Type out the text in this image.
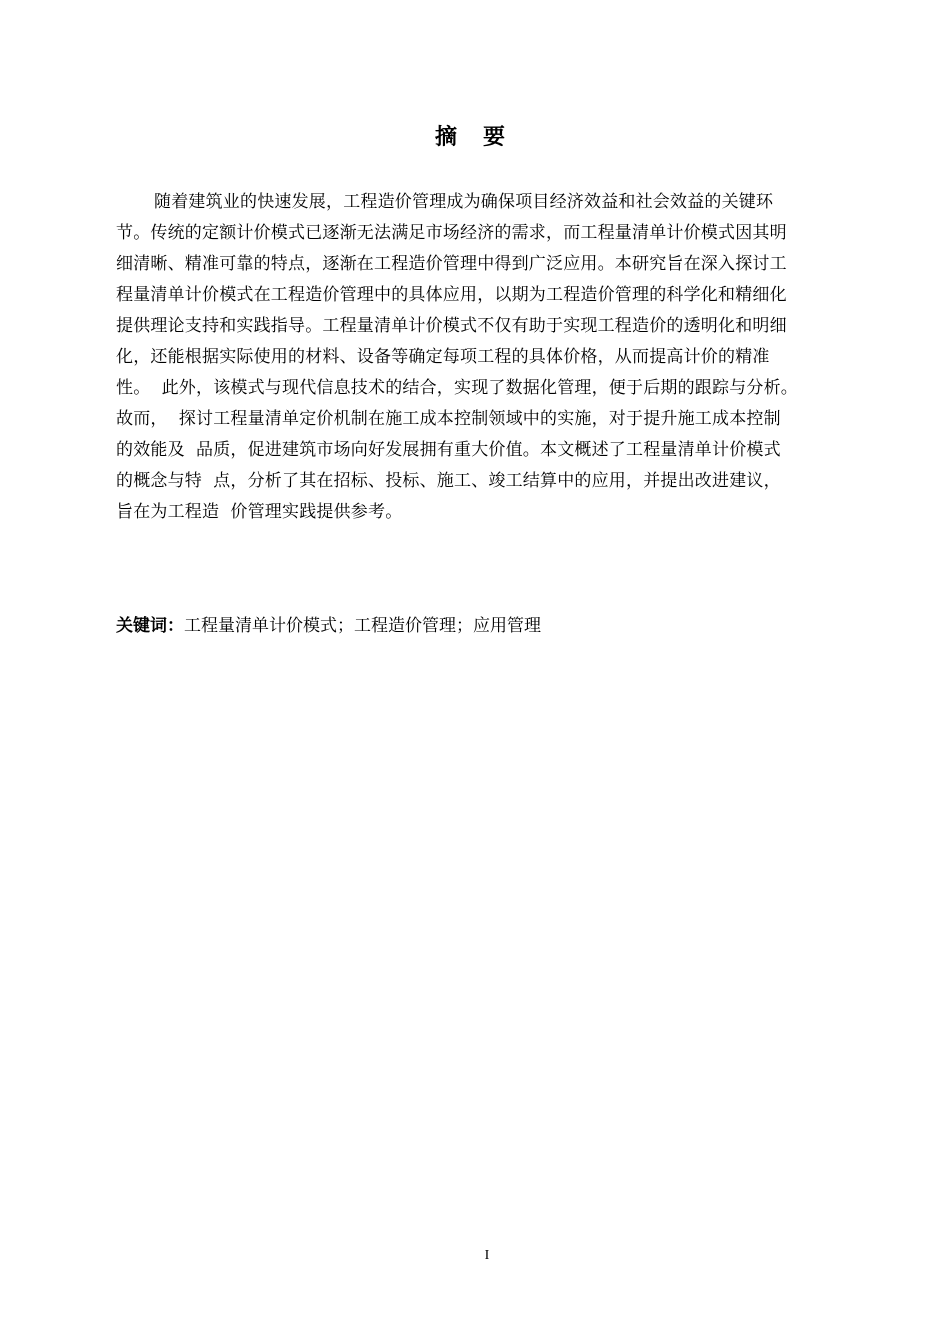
摘要
随着建筑业的快速发展，工程造价管理成为确保项目经济效益和社会效益的关键环
节。传统的定额计价模式已逐渐无法满足市场经济的需求，而工程量清单计价模式因其明
细清晰、精准可靠的特点，逐渐在工程造价管理中得到广泛应用。本研究旨在深入探讨工
程量清单计价模式在工程造价管理中的具体应用，以期为工程造价管理的科学化和精细化
提供理论支持和实践指导。工程量清单计价模式不仅有助于实现工程造价的透明化和明细
化，还能根据实际使用的材料、设备等确定每项工程的具体价格，从而提高计价的精准
性。  此外，该模式与现代信息技术的结合，实现了数据化管理，便于后期的跟踪与分析。
故而，  探讨工程量清单定价机制在施工成本控制领域中的实施，对于提升施工成本控制
的效能及  品质，促进建筑市场向好发展拥有重大价值。本文概述了工程量清单计价模式
的概念与特  点，分析了其在招标、投标、施工、竣工结算中的应用，并提出改进建议，
旨在为工程造  价管理实践提供参考。
关键词：工程量清单计价模式；工程造价管理；应用管理
I
